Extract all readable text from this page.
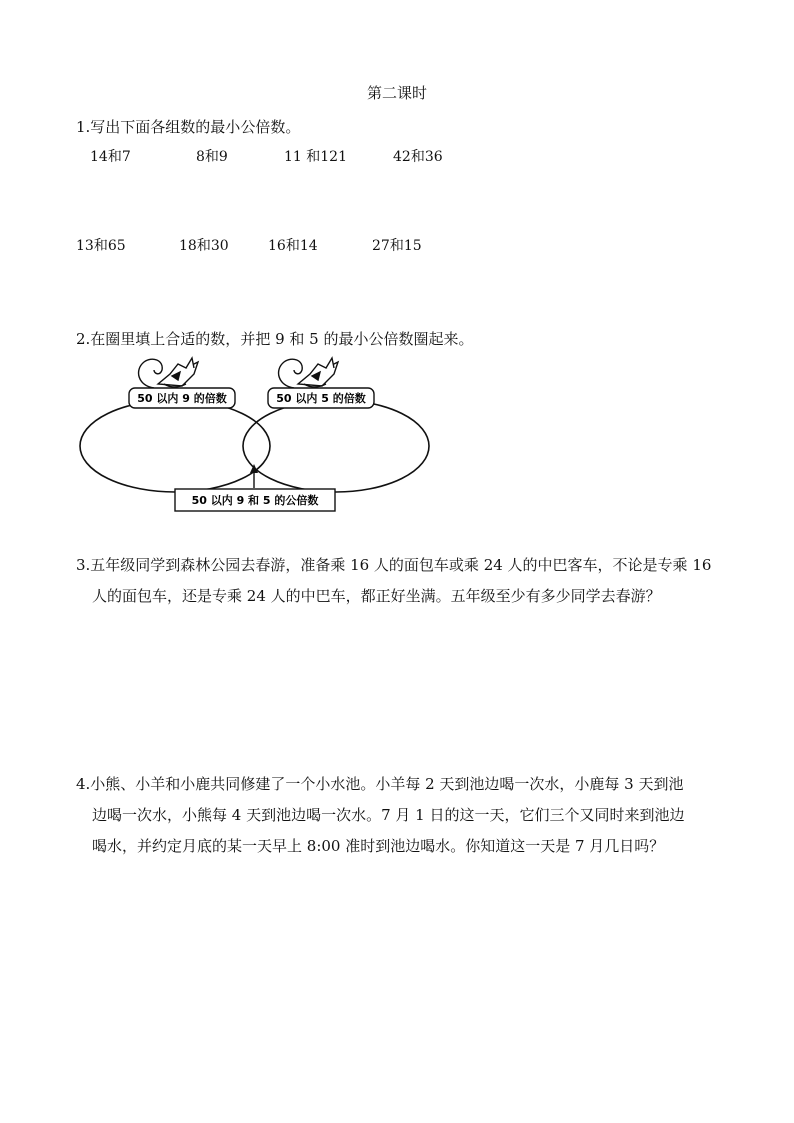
第二课时
1.写出下面各组数的最小公倍数。
14和7	8和9	11 和121	42和36
13和65	18和30	16和14	27和15
2.在圈里填上合适的数，并把 9 和 5 的最小公倍数圈起来。
50 以内 9 的倍数	50 以内 5 的倍数
50 以内 9 和 5 的公倍数
3.五年级同学到森林公园去春游，准备乘 16 人的面包车或乘 24 人的中巴客车，不论是专乘 16
人的面包车，还是专乘 24 人的中巴车，都正好坐满。五年级至少有多少同学去春游？
4.小熊、小羊和小鹿共同修建了一个小水池。小羊每 2 天到池边喝一次水，小鹿每 3 天到池
边喝一次水，小熊每 4 天到池边喝一次水。7 月 1 日的这一天，它们三个又同时来到池边
喝水，并约定月底的某一天早上 8:00 准时到池边喝水。你知道这一天是 7 月几日吗？
